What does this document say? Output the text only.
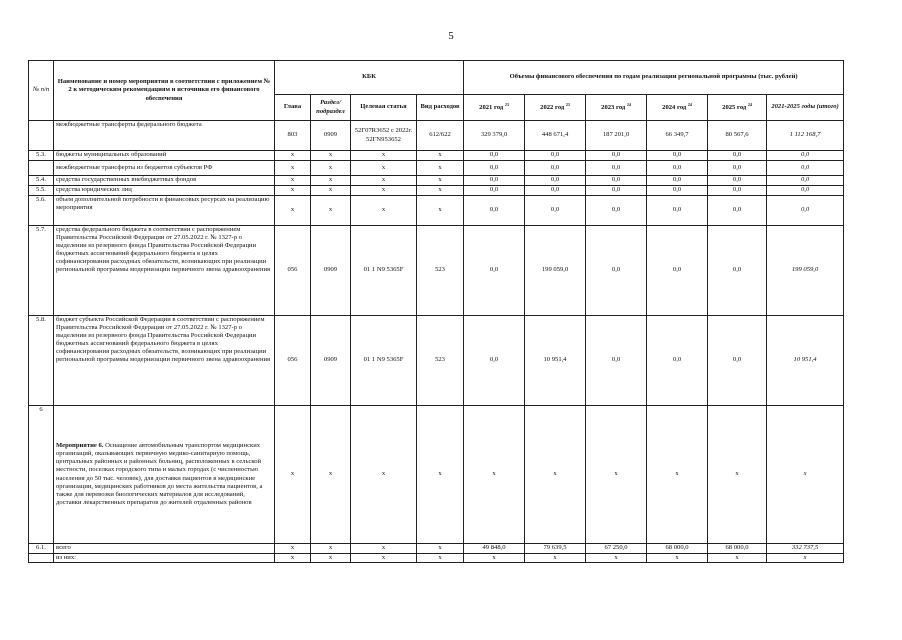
5
№ п/п	Наименование и номер мероприятия в соответствии с приложением № 2 к методическим рекомендациям и источники его финансового обеспечения	КБК				Объемы финансового обеспечения по годам реализации региональной программы (тыс. рублей)					
		Глава	Раздел/ подраздел	Целевая статья	Вид расходов	2021 год $^{23}$	2022 год $^{23}$	2023 год $^{24}$	2024 год $^{24}$	2025 год $^{24}$	2021-2025 годы (итого)
	межбюджетные трансферты федерального бюджета	803	0909	52Г07R3652 с 2022г. 52ГN953652	612/622	329 379,0	448 671,4	187 201,0	66 349,7	80 567,6	1 112 168,7
5.3.	бюджеты муниципальных образований	х	х	х	х	0,0	0,0	0,0	0,0	0,0	0,0
	межбюджетные трансферты из бюджетов субъектов РФ	х	х	х	х	0,0	0,0	0,0	0,0	0,0	0,0
5.4.	средства государственных внебюджетных фондов	х	х	х	х	0,0	0,0	0,0	0,0	0,0	0,0
5.5.	средства юридических лиц	х	х	х	х	0,0	0,0	0,0	0,0	0,0	0,0
5.6.	объем дополнительной потребности в финансовых ресурсах на реализацию мероприятия	х	х	х	х	0,0	0,0	0,0	0,0	0,0	0,0
5.7.	средства федерального бюджета в соответствии с распоряжением Правительства Российской Федерации от 27.05.2022 г. № 1327-р о выделении из резервного фонда Правительства Российской Федерации бюджетных ассигнований федерального бюджета в целях софинансирования расходных обязательств, возникающих при реализации региональной программы модернизации первичного звена здравоохранения	056	0909	01 1 N9 5365F	523	0,0	199 059,0	0,0	0,0	0,0	199 059,0
5.8.	бюджет субъекта Российской Федерации в соответствии с распоряжением Правительства Российской Федерации от 27.05.2022 г. № 1327-р о выделении из резервного фонда Правительства Российской Федерации бюджетных ассигнований федерального бюджета в целях софинансирования расходных обязательств, возникающих при реализации региональной программы модернизации первичного звена здравоохранения	056	0909	01 1 N9 5365F	523	0,0	10 951,4	0,0	0,0	0,0	10 951,4
6	Мероприятие 6. Оснащение автомобильным транспортом медицинских организаций, оказывающих первичную медико-санитарную помощь, центральных районных и районных больниц, расположенных в сельской местности, поселках городского типа и малых городах (с численностью населения до 50 тыс. человек), для доставки пациентов в медицинские организации, медицинских работников до места жительства пациентов, а также для перевозки биологических материалов для исследований, доставки лекарственных препаратов до жителей отдаленных районов	х	х	х	х	х	х	х	х	х	х
6.1.	всего	х	х	х	х	49 848,0	79 639,5	67 250,0	68 000,0	68 000,0	332 737,5
	из них:	х	х	х	х	х	х	х	х	х	х
